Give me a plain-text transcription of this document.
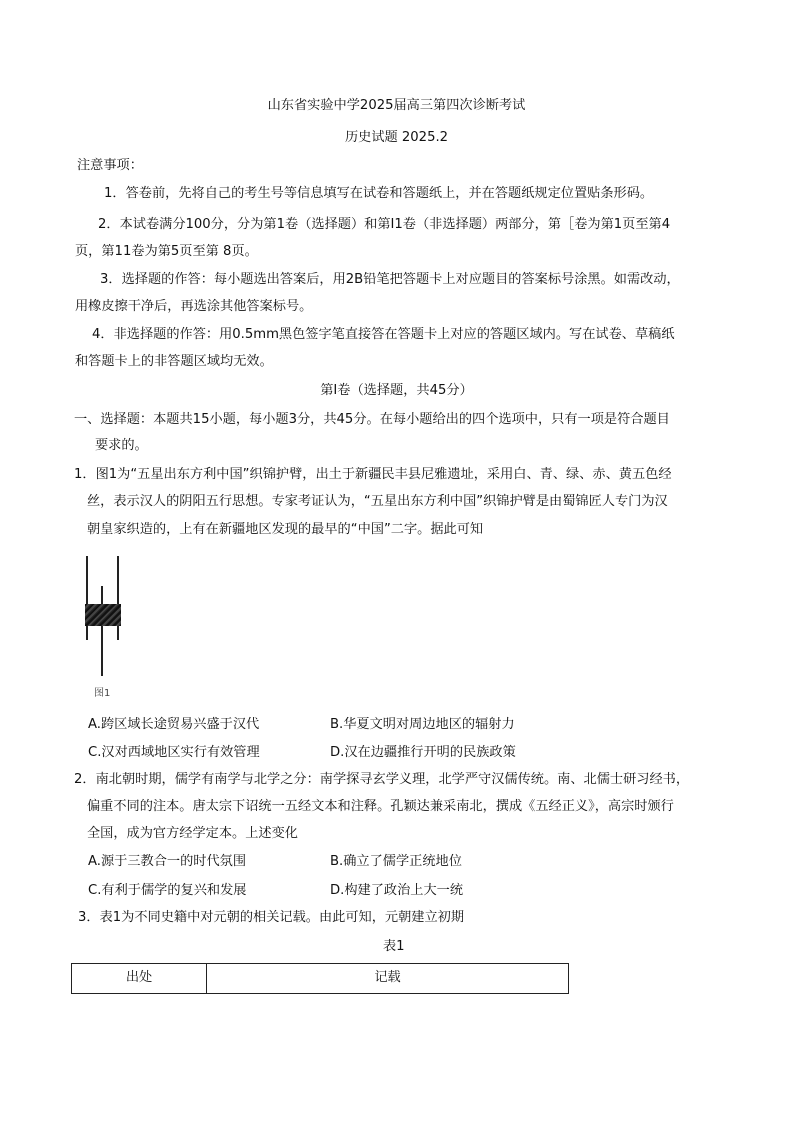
山东省实验中学2025届高三第四次诊断考试
历史试题 2025.2
注意事项：
1．答卷前，先将自己的考生号等信息填写在试卷和答题纸上，并在答题纸规定位置贴条形码。
2．本试卷满分100分，分为第1卷（选择题）和第I1卷（非选择题）两部分，第［卷为第1页至第4
页，第11卷为第5页至第 8页。
3．选择题的作答：每小题选出答案后，用2B铅笔把答题卡上对应题目的答案标号涂黑。如需改动，
用橡皮擦干净后，再选涂其他答案标号。
4．非选择题的作答：用0.5mm黑色签字笔直接答在答题卡上对应的答题区域内。写在试卷、草稿纸
和答题卡上的非答题区域均无效。
第Ⅰ卷（选择题，共45分）
一、选择题：本题共15小题，每小题3分，共45分。在每小题给出的四个选项中，只有一项是符合题目
要求的。
1．图1为“五星出东方利中国”织锦护臂，出土于新疆民丰县尼雅遗址，采用白、青、绿、赤、黄五色经
丝，表示汉人的阴阳五行思想。专家考证认为，“五星出东方利中国”织锦护臂是由蜀锦匠人专门为汉
朝皇家织造的，上有在新疆地区发现的最早的“中国”二字。据此可知
图1
A.跨区域长途贸易兴盛于汉代	B.华夏文明对周边地区的辐射力
C.汉对西域地区实行有效管理	D.汉在边疆推行开明的民族政策
2．南北朝时期，儒学有南学与北学之分：南学探寻玄学义理，北学严守汉儒传统。南、北儒士研习经书，
偏重不同的注本。唐太宗下诏统一五经文本和注释。孔颖达兼采南北，撰成《五经正义》，高宗时颁行
全国，成为官方经学定本。上述变化
A.源于三教合一的时代氛围	B.确立了儒学正统地位
C.有利于儒学的复兴和发展	D.构建了政治上大一统
3．表1为不同史籍中对元朝的相关记载。由此可知，元朝建立初期
表1
出处	记载
